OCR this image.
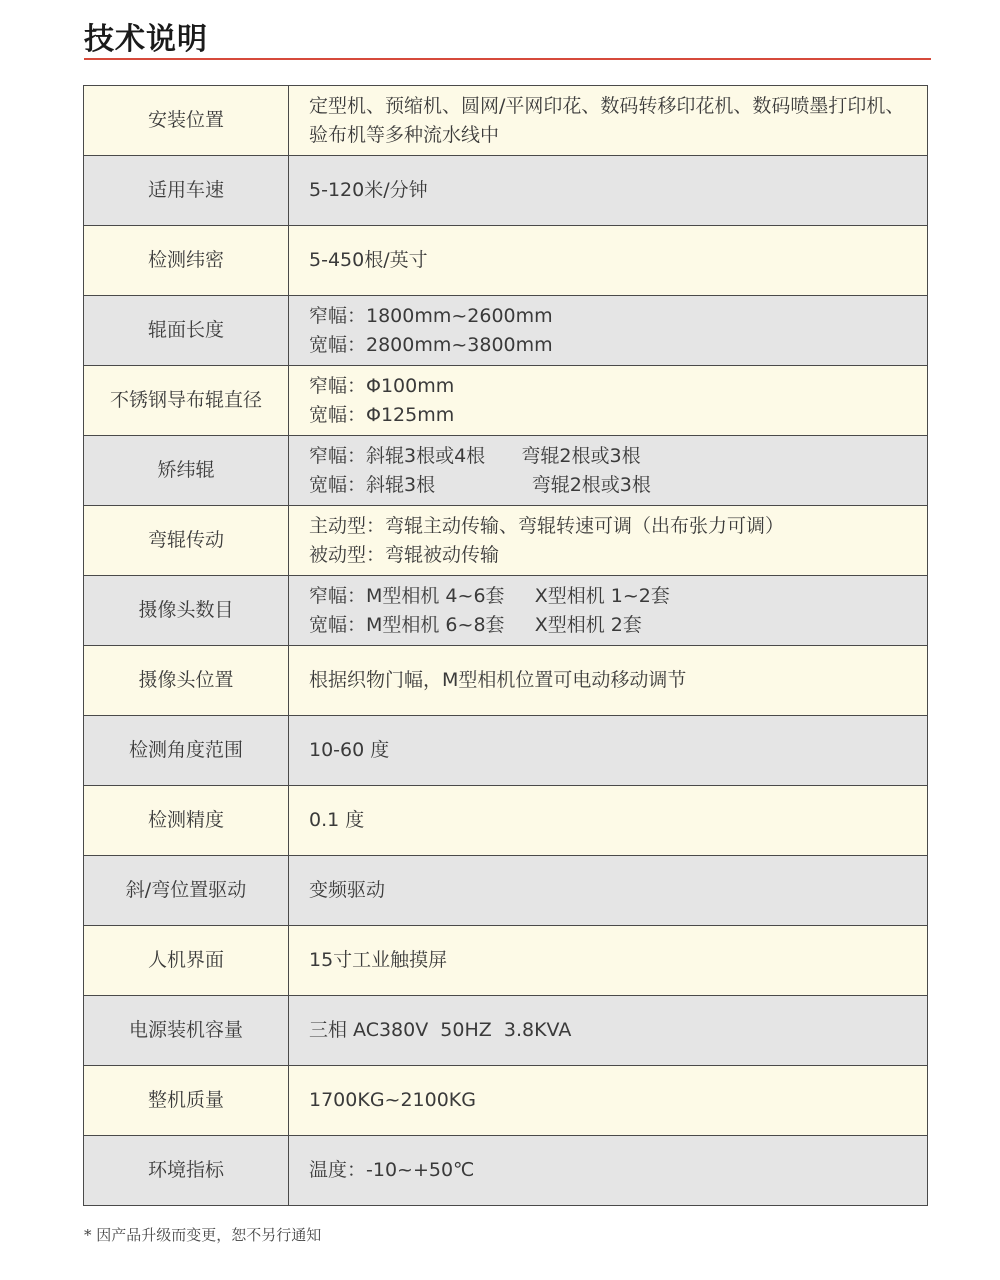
技术说明
安装位置	定型机、预缩机、圆网/平网印花、数码转移印花机、数码喷墨打印机、
验布机等多种流水线中

适用车速	5-120米/分钟

检测纬密	5-450根/英寸

辊面长度	窄幅：1800mm~2600mm
宽幅：2800mm~3800mm

不锈钢导布辊直径	窄幅：Φ100mm
宽幅：Φ125mm

矫纬辊	窄幅：斜辊3根或4根      弯辊2根或3根
宽幅：斜辊3根                弯辊2根或3根

弯辊传动	主动型：弯辊主动传输、弯辊转速可调（出布张力可调）
被动型：弯辊被动传输

摄像头数目	窄幅：M型相机 4~6套     X型相机 1~2套
宽幅：M型相机 6~8套     X型相机 2套

摄像头位置	根据织物门幅，M型相机位置可电动移动调节

检测角度范围	10-60 度

检测精度	0.1 度

斜/弯位置驱动	变频驱动

人机界面	15寸工业触摸屏

电源装机容量	三相 AC380V  50HZ  3.8KVA

整机质量	1700KG~2100KG

环境指标	温度：-10~+50℃
* 因产品升级而变更，恕不另行通知
